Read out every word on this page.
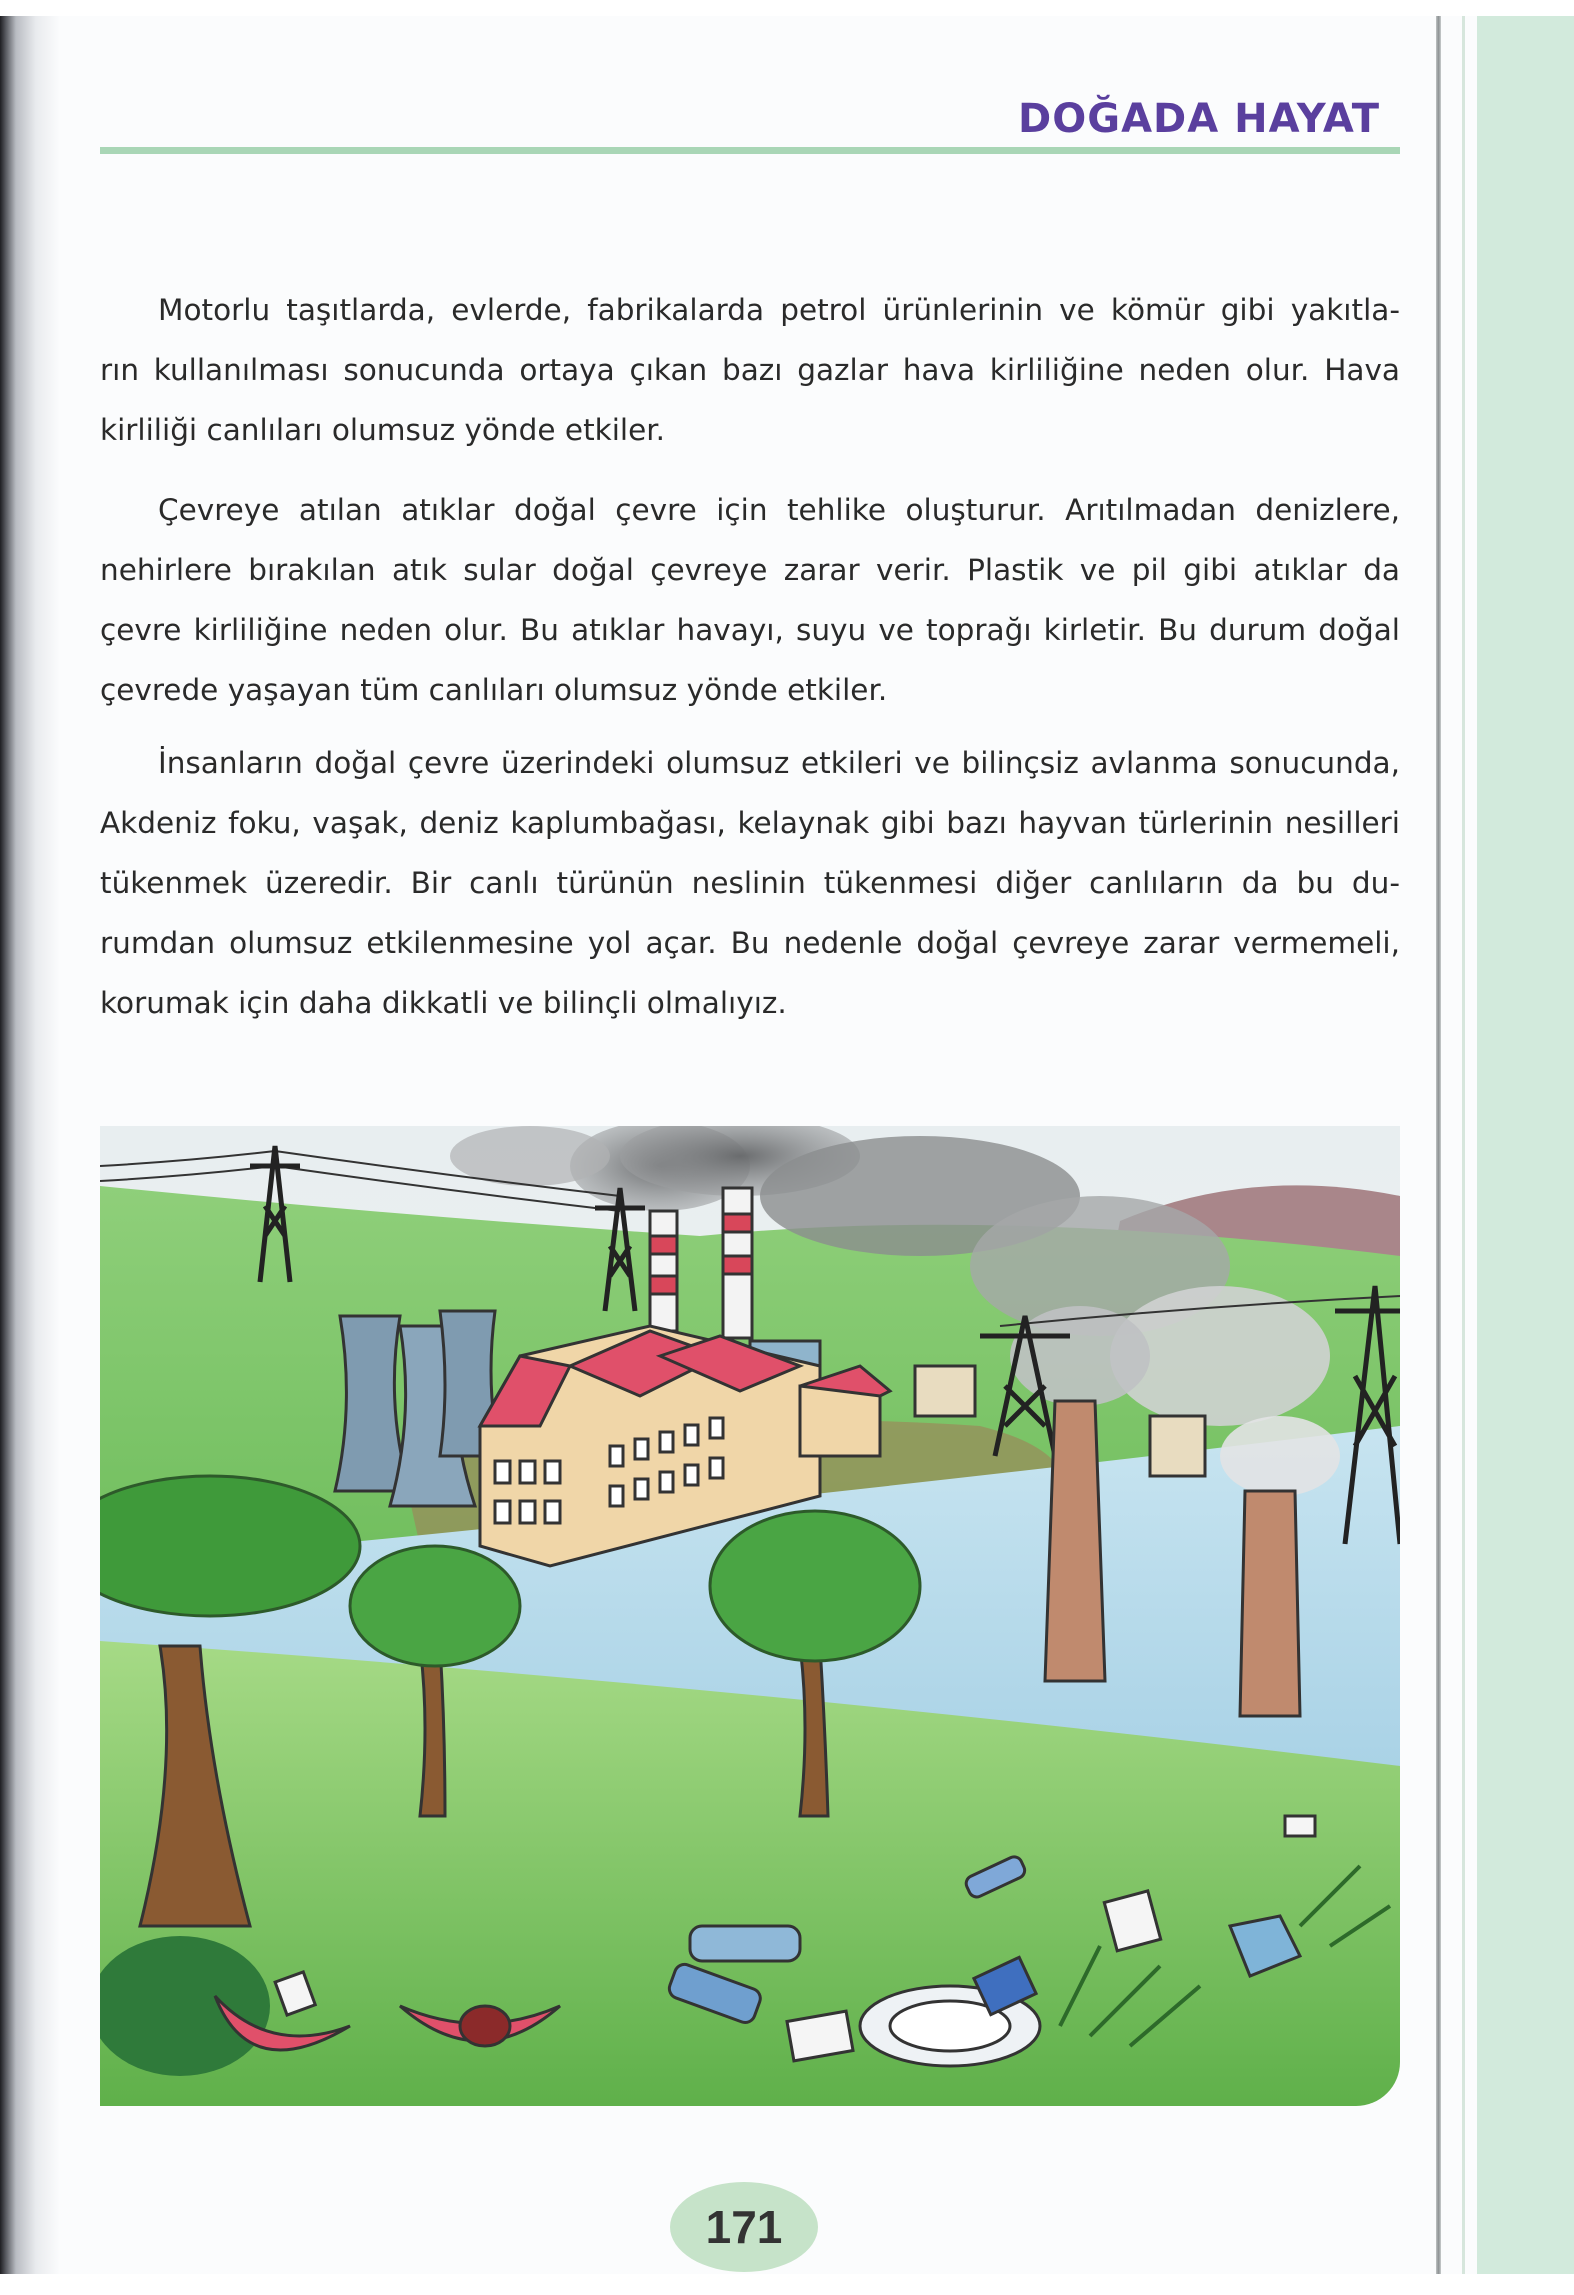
DOĞADA HAYAT
Motorlu taşıtlarda, evlerde, fabrikalarda petrol ürünlerinin ve kömür gibi yakıtla-
rın kullanılması sonucunda ortaya çıkan bazı gazlar hava kirliliğine neden olur. Hava
kirliliği canlıları olumsuz yönde etkiler.
Çevreye atılan atıklar doğal çevre için tehlike oluşturur. Arıtılmadan denizlere,
nehirlere bırakılan atık sular doğal çevreye zarar verir. Plastik ve pil gibi atıklar da
çevre kirliliğine neden olur. Bu atıklar havayı, suyu ve toprağı kirletir. Bu durum doğal
çevrede yaşayan tüm canlıları olumsuz yönde etkiler.
İnsanların doğal çevre üzerindeki olumsuz etkileri ve bilinçsiz avlanma sonucunda,
Akdeniz foku, vaşak, deniz kaplumbağası, kelaynak gibi bazı hayvan türlerinin nesilleri
tükenmek üzeredir. Bir canlı türünün neslinin tükenmesi diğer canlıların da bu du-
rumdan olumsuz etkilenmesine yol açar. Bu nedenle doğal çevreye zarar vermemeli,
korumak için daha dikkatli ve bilinçli olmalıyız.
171
